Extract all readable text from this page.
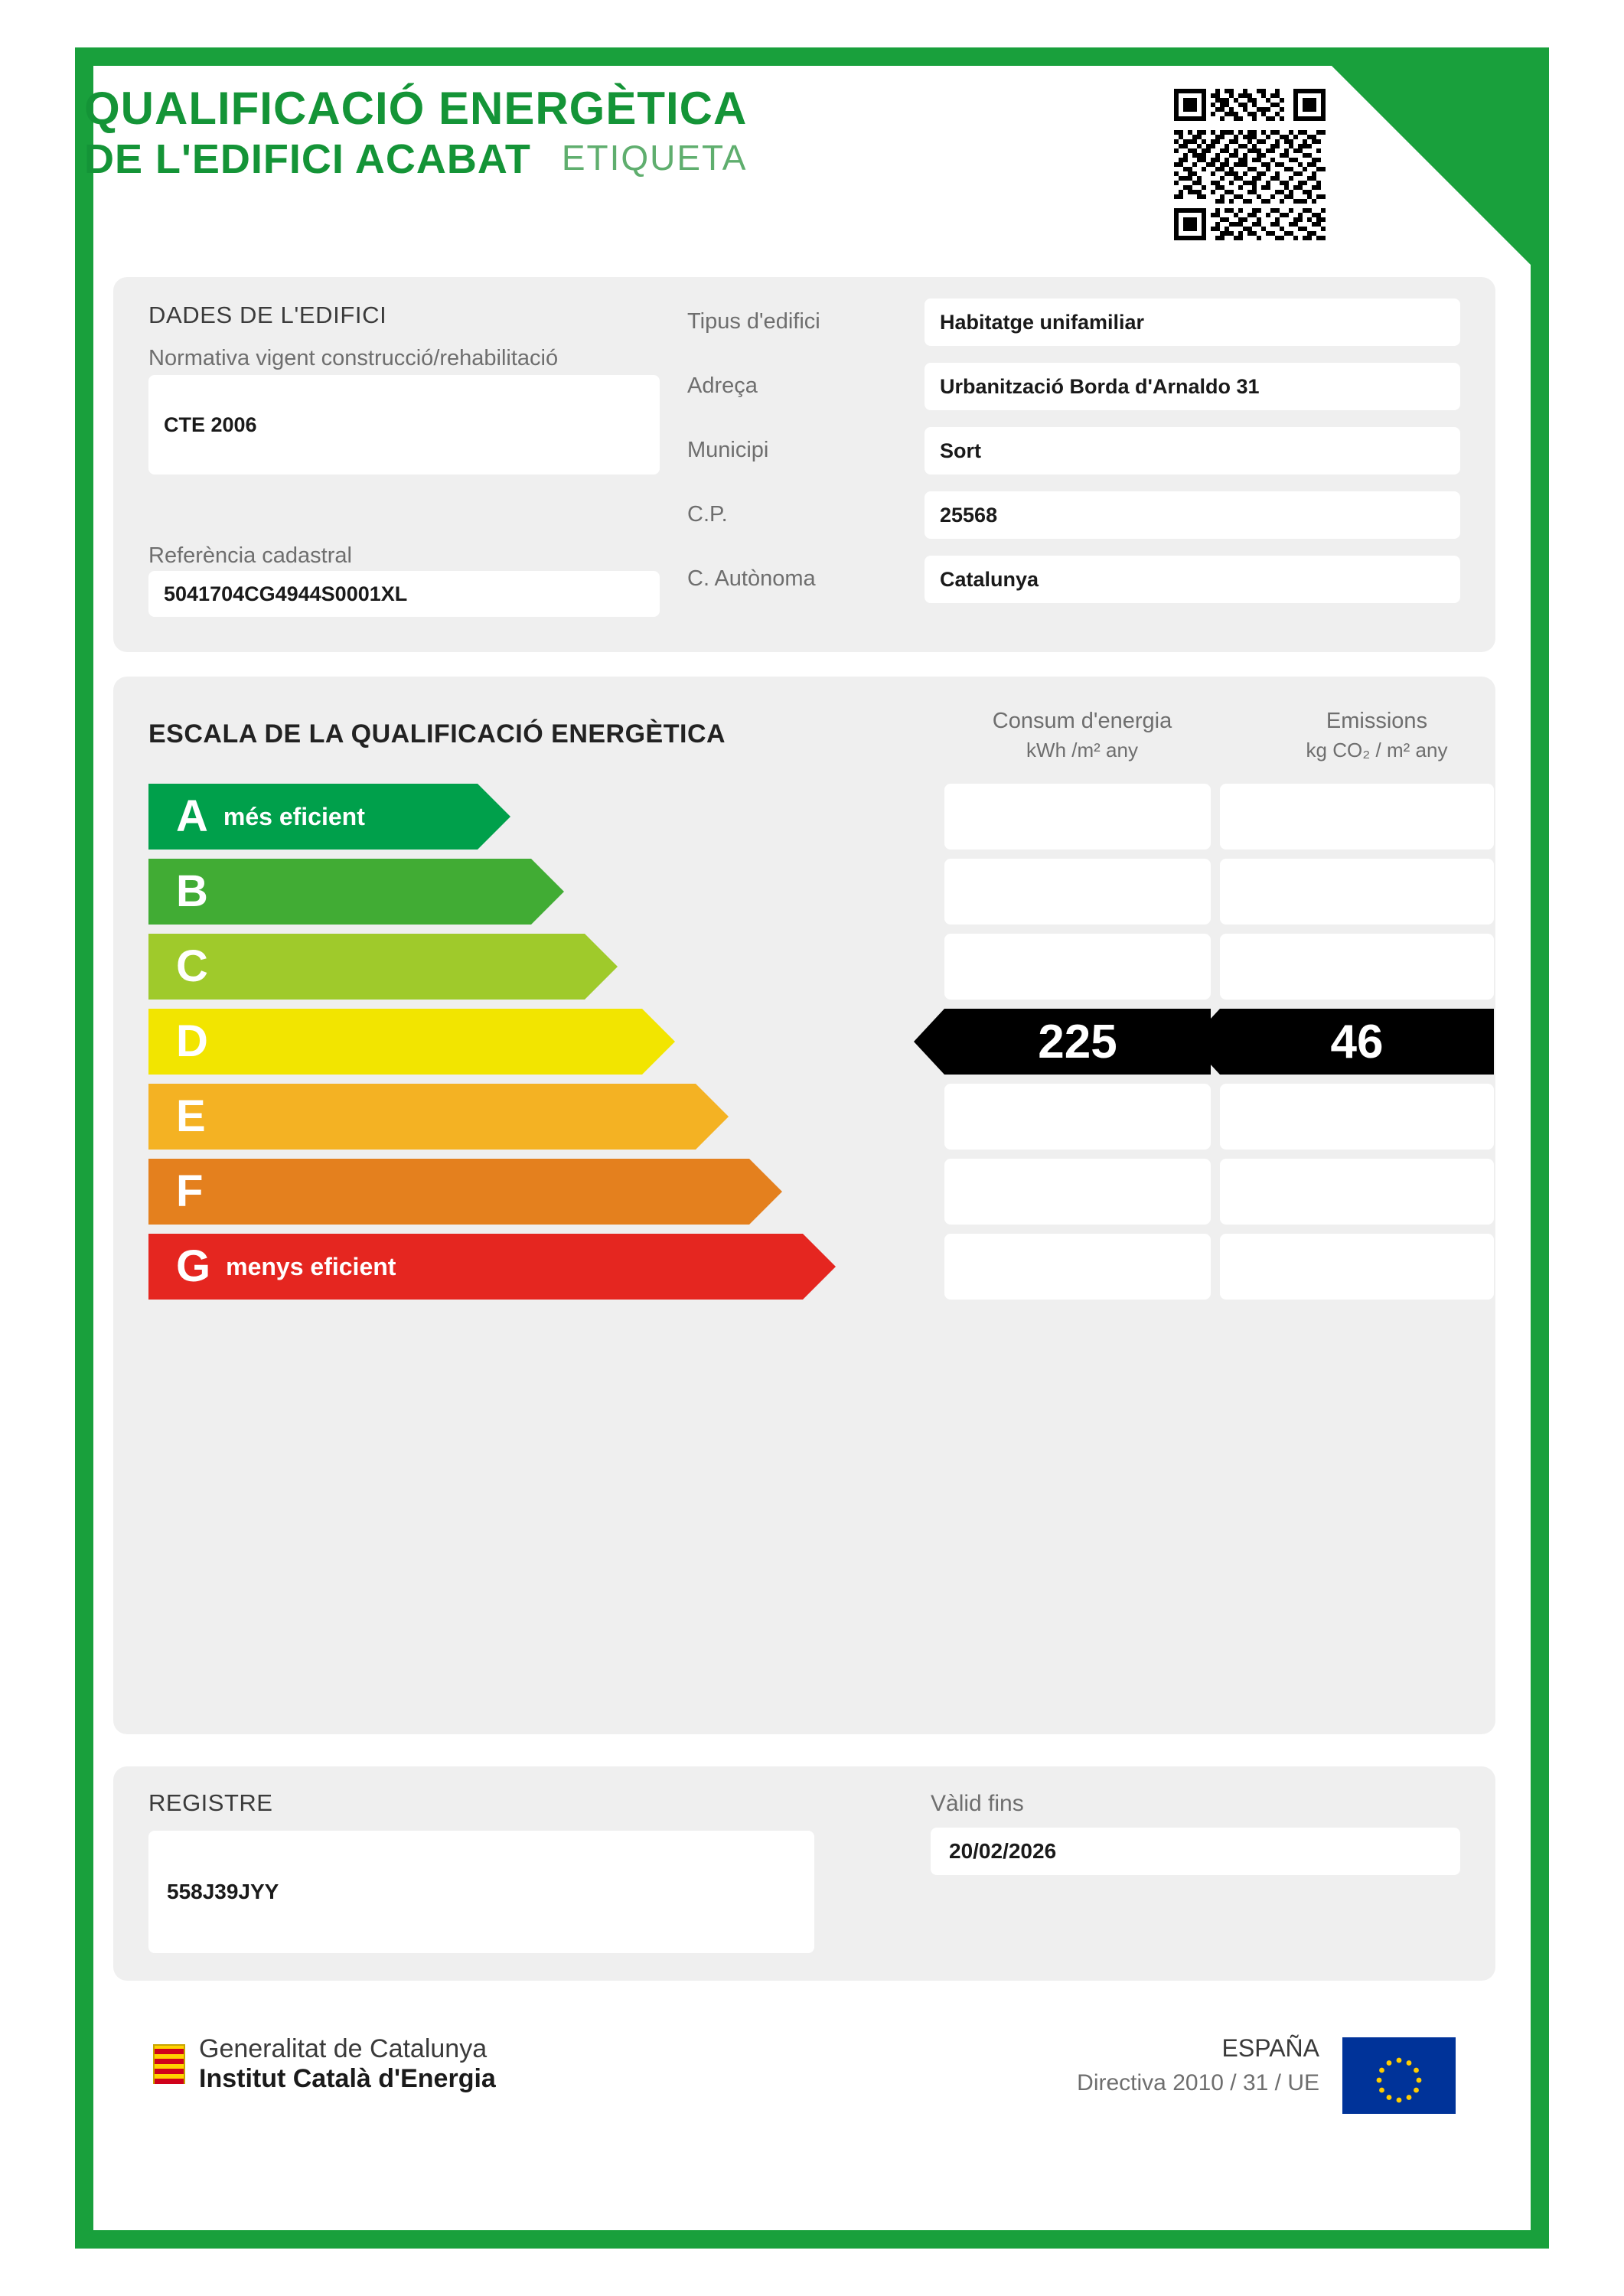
QUALIFICACIÓ ENERGÈTICA
DE L'EDIFICI ACABAT ETIQUETA
DADES DE L'EDIFICI
Normativa vigent construcció/rehabilitació
CTE 2006
Referència cadastral
5041704CG4944S0001XL
Tipus d'edifici	Habitatge unifamiliar
Adreça	Urbanització Borda d'Arnaldo 31
Municipi	Sort
C.P.	25568
C. Autònoma	Catalunya
ESCALA DE LA QUALIFICACIÓ ENERGÈTICA	Consum d'energia
kWh /m² any
Emissions
kg CO₂ / m² any
A més eficient
B
C
D	225	46
E
F
G menys eficient
REGISTRE
558J39JYY
Vàlid fins
20/02/2026
Generalitat de Catalunya
Institut Català d'Energia
ESPAÑA
Directiva 2010 / 31 / UE
